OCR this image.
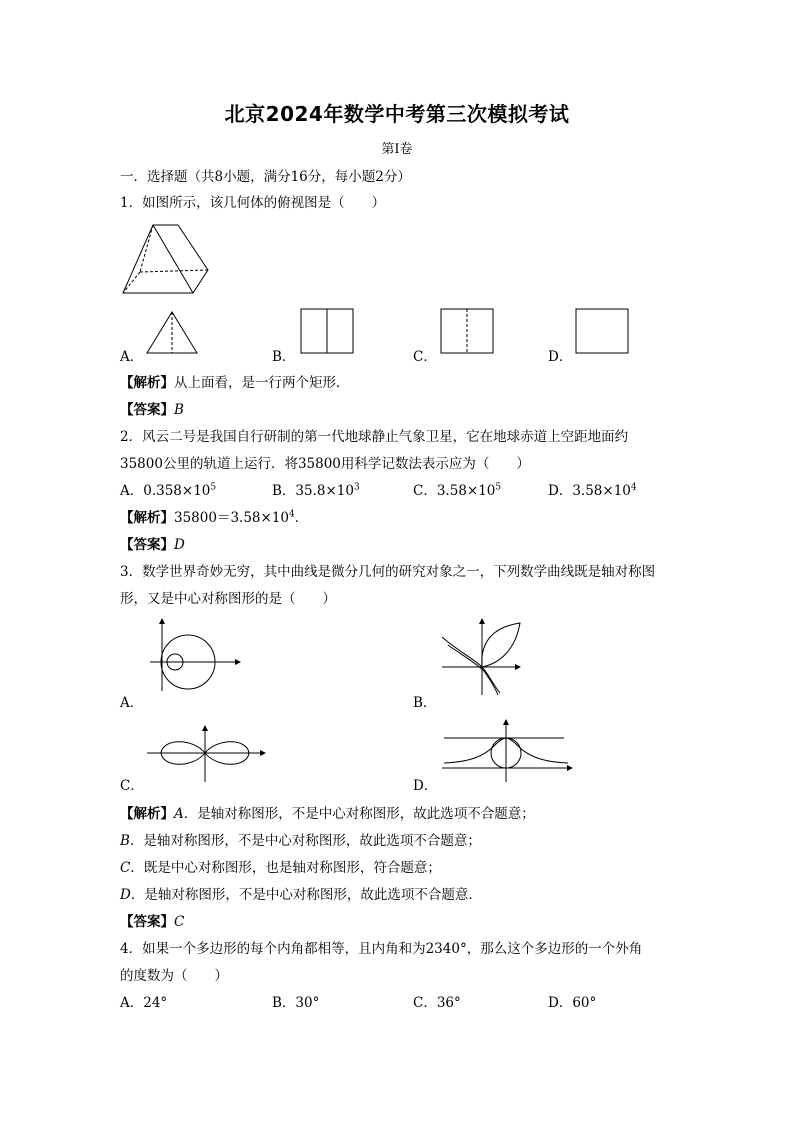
北京2024年数学中考第三次模拟考试
第Ⅰ卷
一．选择题（共8小题，满分16分，每小题2分）
1．如图所示，该几何体的俯视图是（　　）
A．	B．	C．	D．
【解析】从上面看，是一行两个矩形．
【答案】B
2．风云二号是我国自行研制的第一代地球静止气象卫星，它在地球赤道上空距地面约
35800公里的轨道上运行．将35800用科学记数法表示应为（　　）
A．$0.358\times 10^5$	B．$35.8\times 10^3$	C．$3.58\times 10^5$	D．$3.58\times 10^4$
【解析】$35800=3.58\times 10^4$．
【答案】D
3．数学世界奇妙无穷，其中曲线是微分几何的研究对象之一，下列数学曲线既是轴对称图
形，又是中心对称图形的是（　　）
A．	B．
C．	D．
【解析】A．是轴对称图形，不是中心对称图形，故此选项不合题意；
B．是轴对称图形，不是中心对称图形，故此选项不合题意；
C．既是中心对称图形，也是轴对称图形，符合题意；
D．是轴对称图形，不是中心对称图形，故此选项不合题意．
【答案】C
4．如果一个多边形的每个内角都相等，且内角和为2340°，那么这个多边形的一个外角
的度数为（　　）
A．24°	B．30°	C．36°	D．60°
